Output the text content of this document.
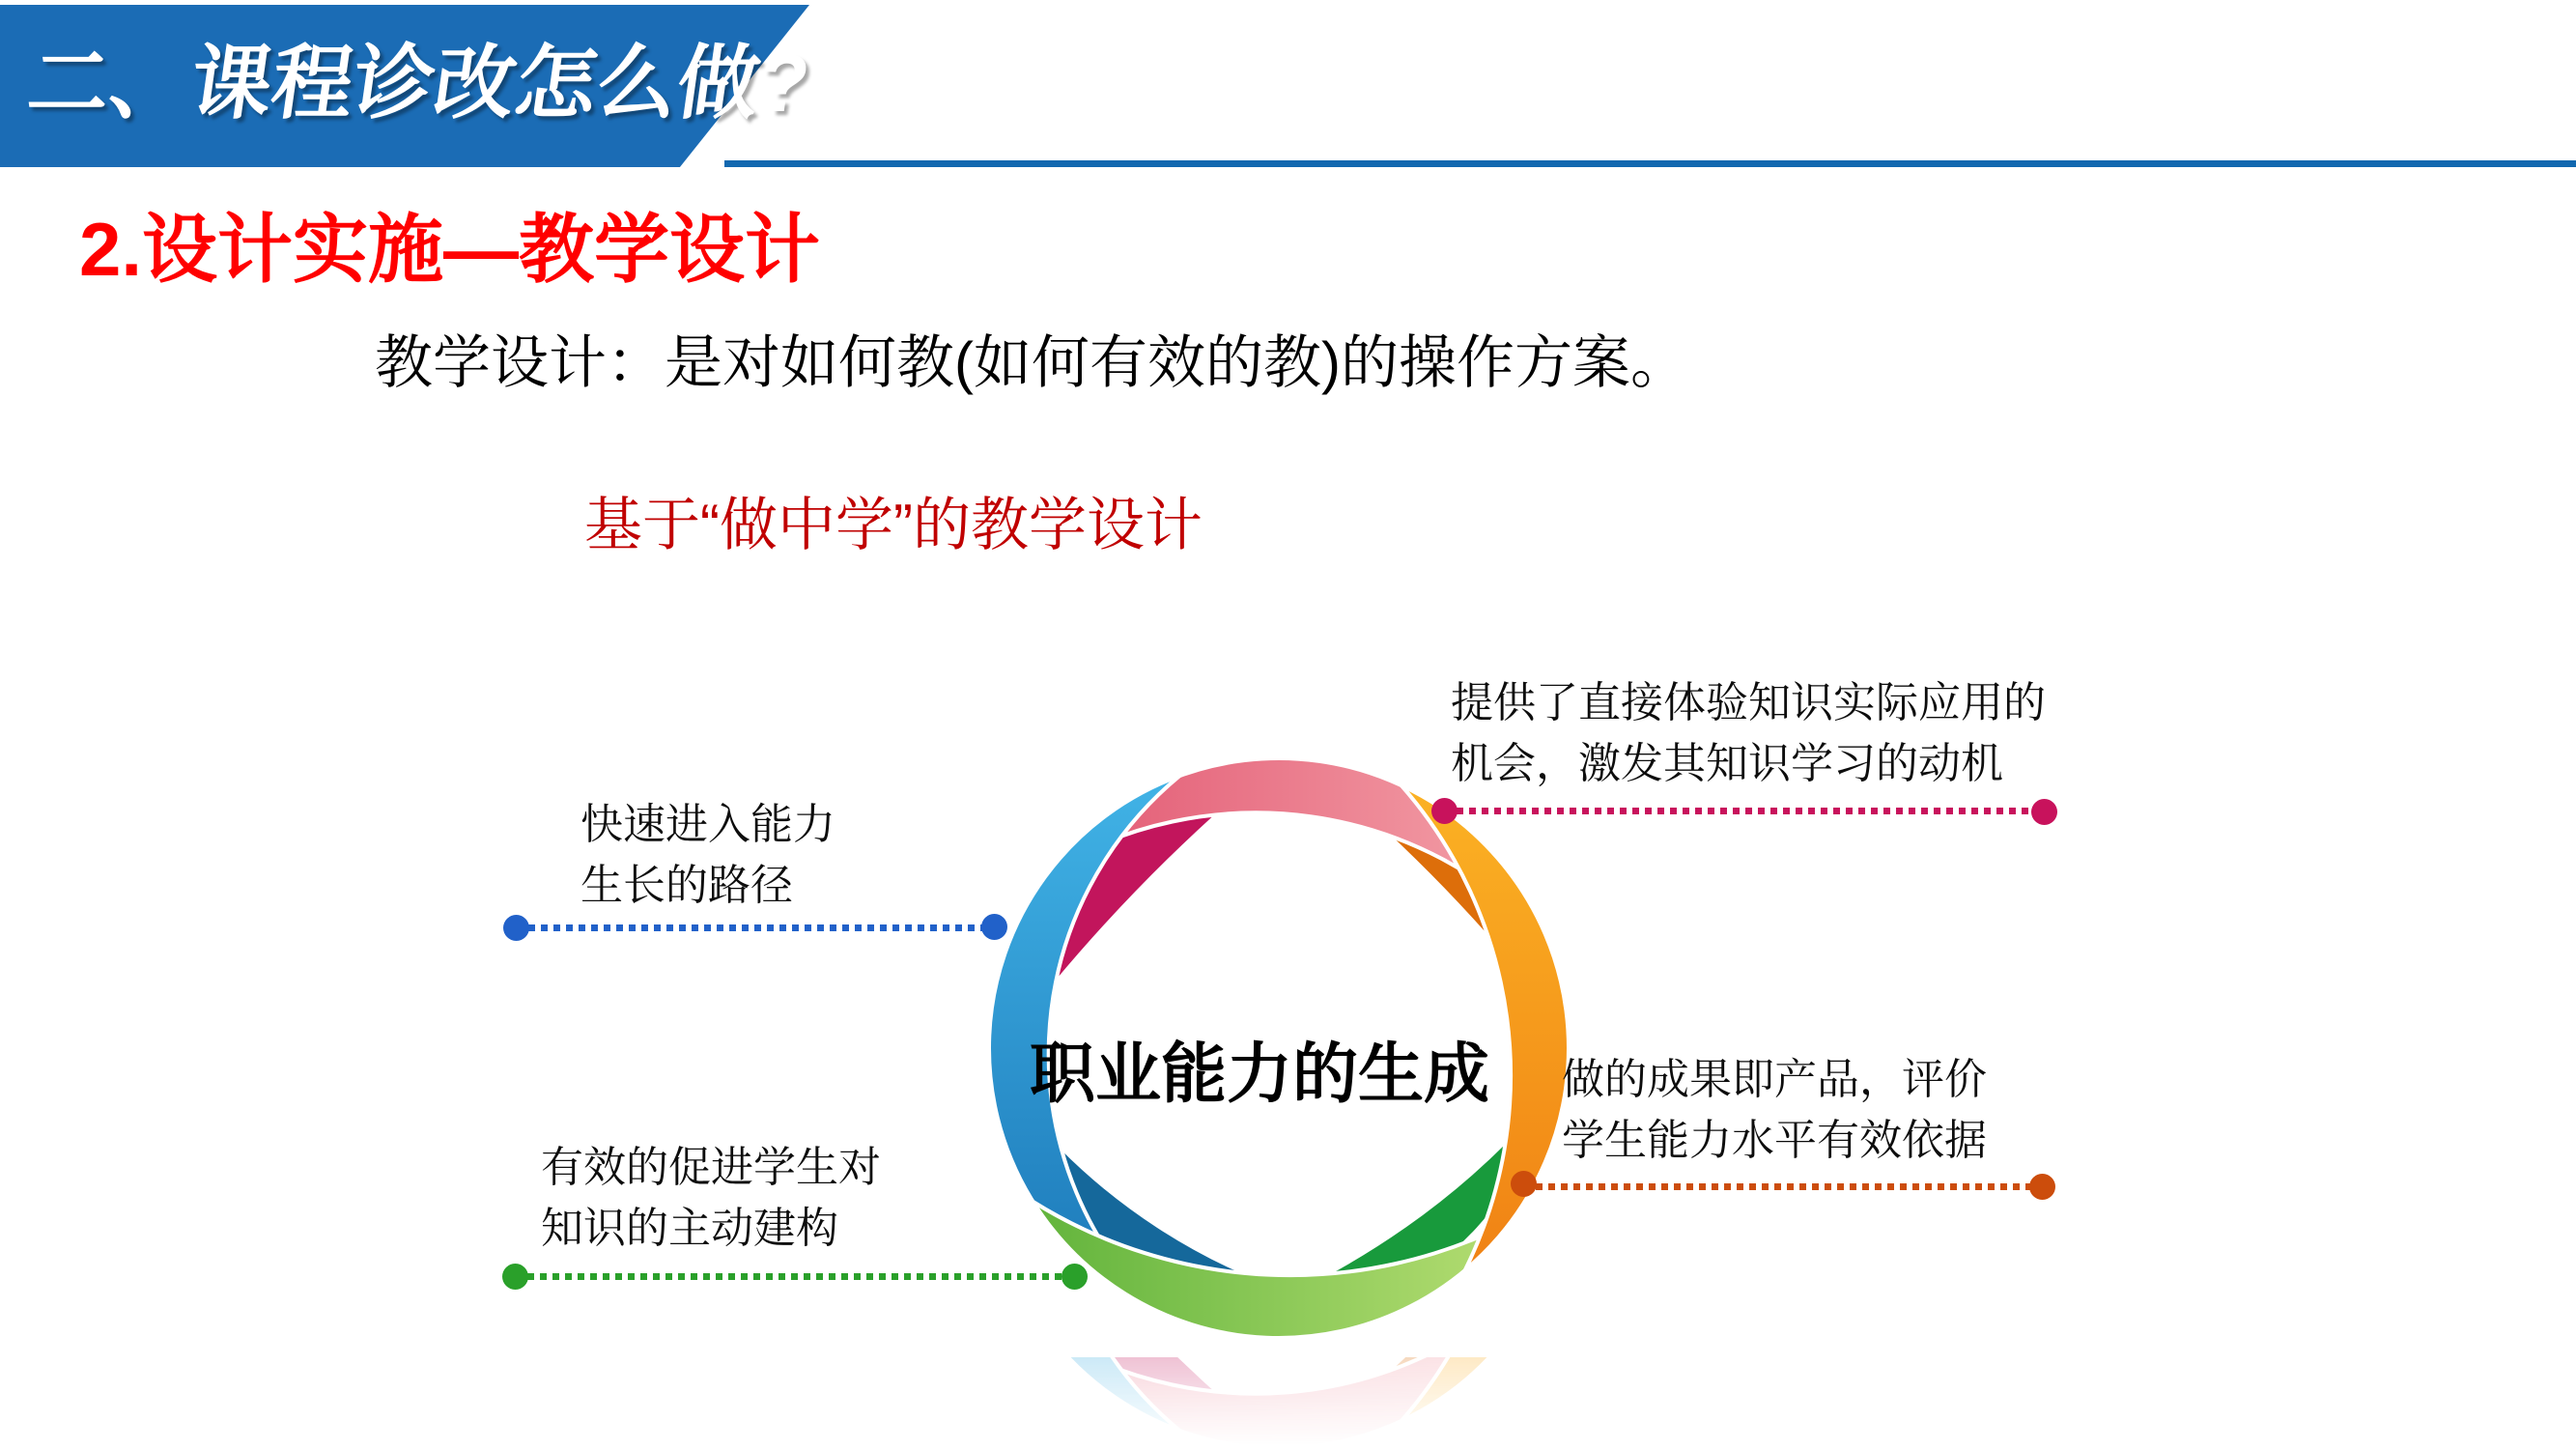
二、课程诊改怎么做?
2.设计实施—教学设计
教学设计：是对如何教(如何有效的教)的操作方案。
基于“做中学”的教学设计
职业能力的生成
提供了直接体验知识实际应用的
机会，激发其知识学习的动机
快速进入能力
生长的路径
有效的促进学生对
知识的主动建构
做的成果即产品，评价
学生能力水平有效依据
